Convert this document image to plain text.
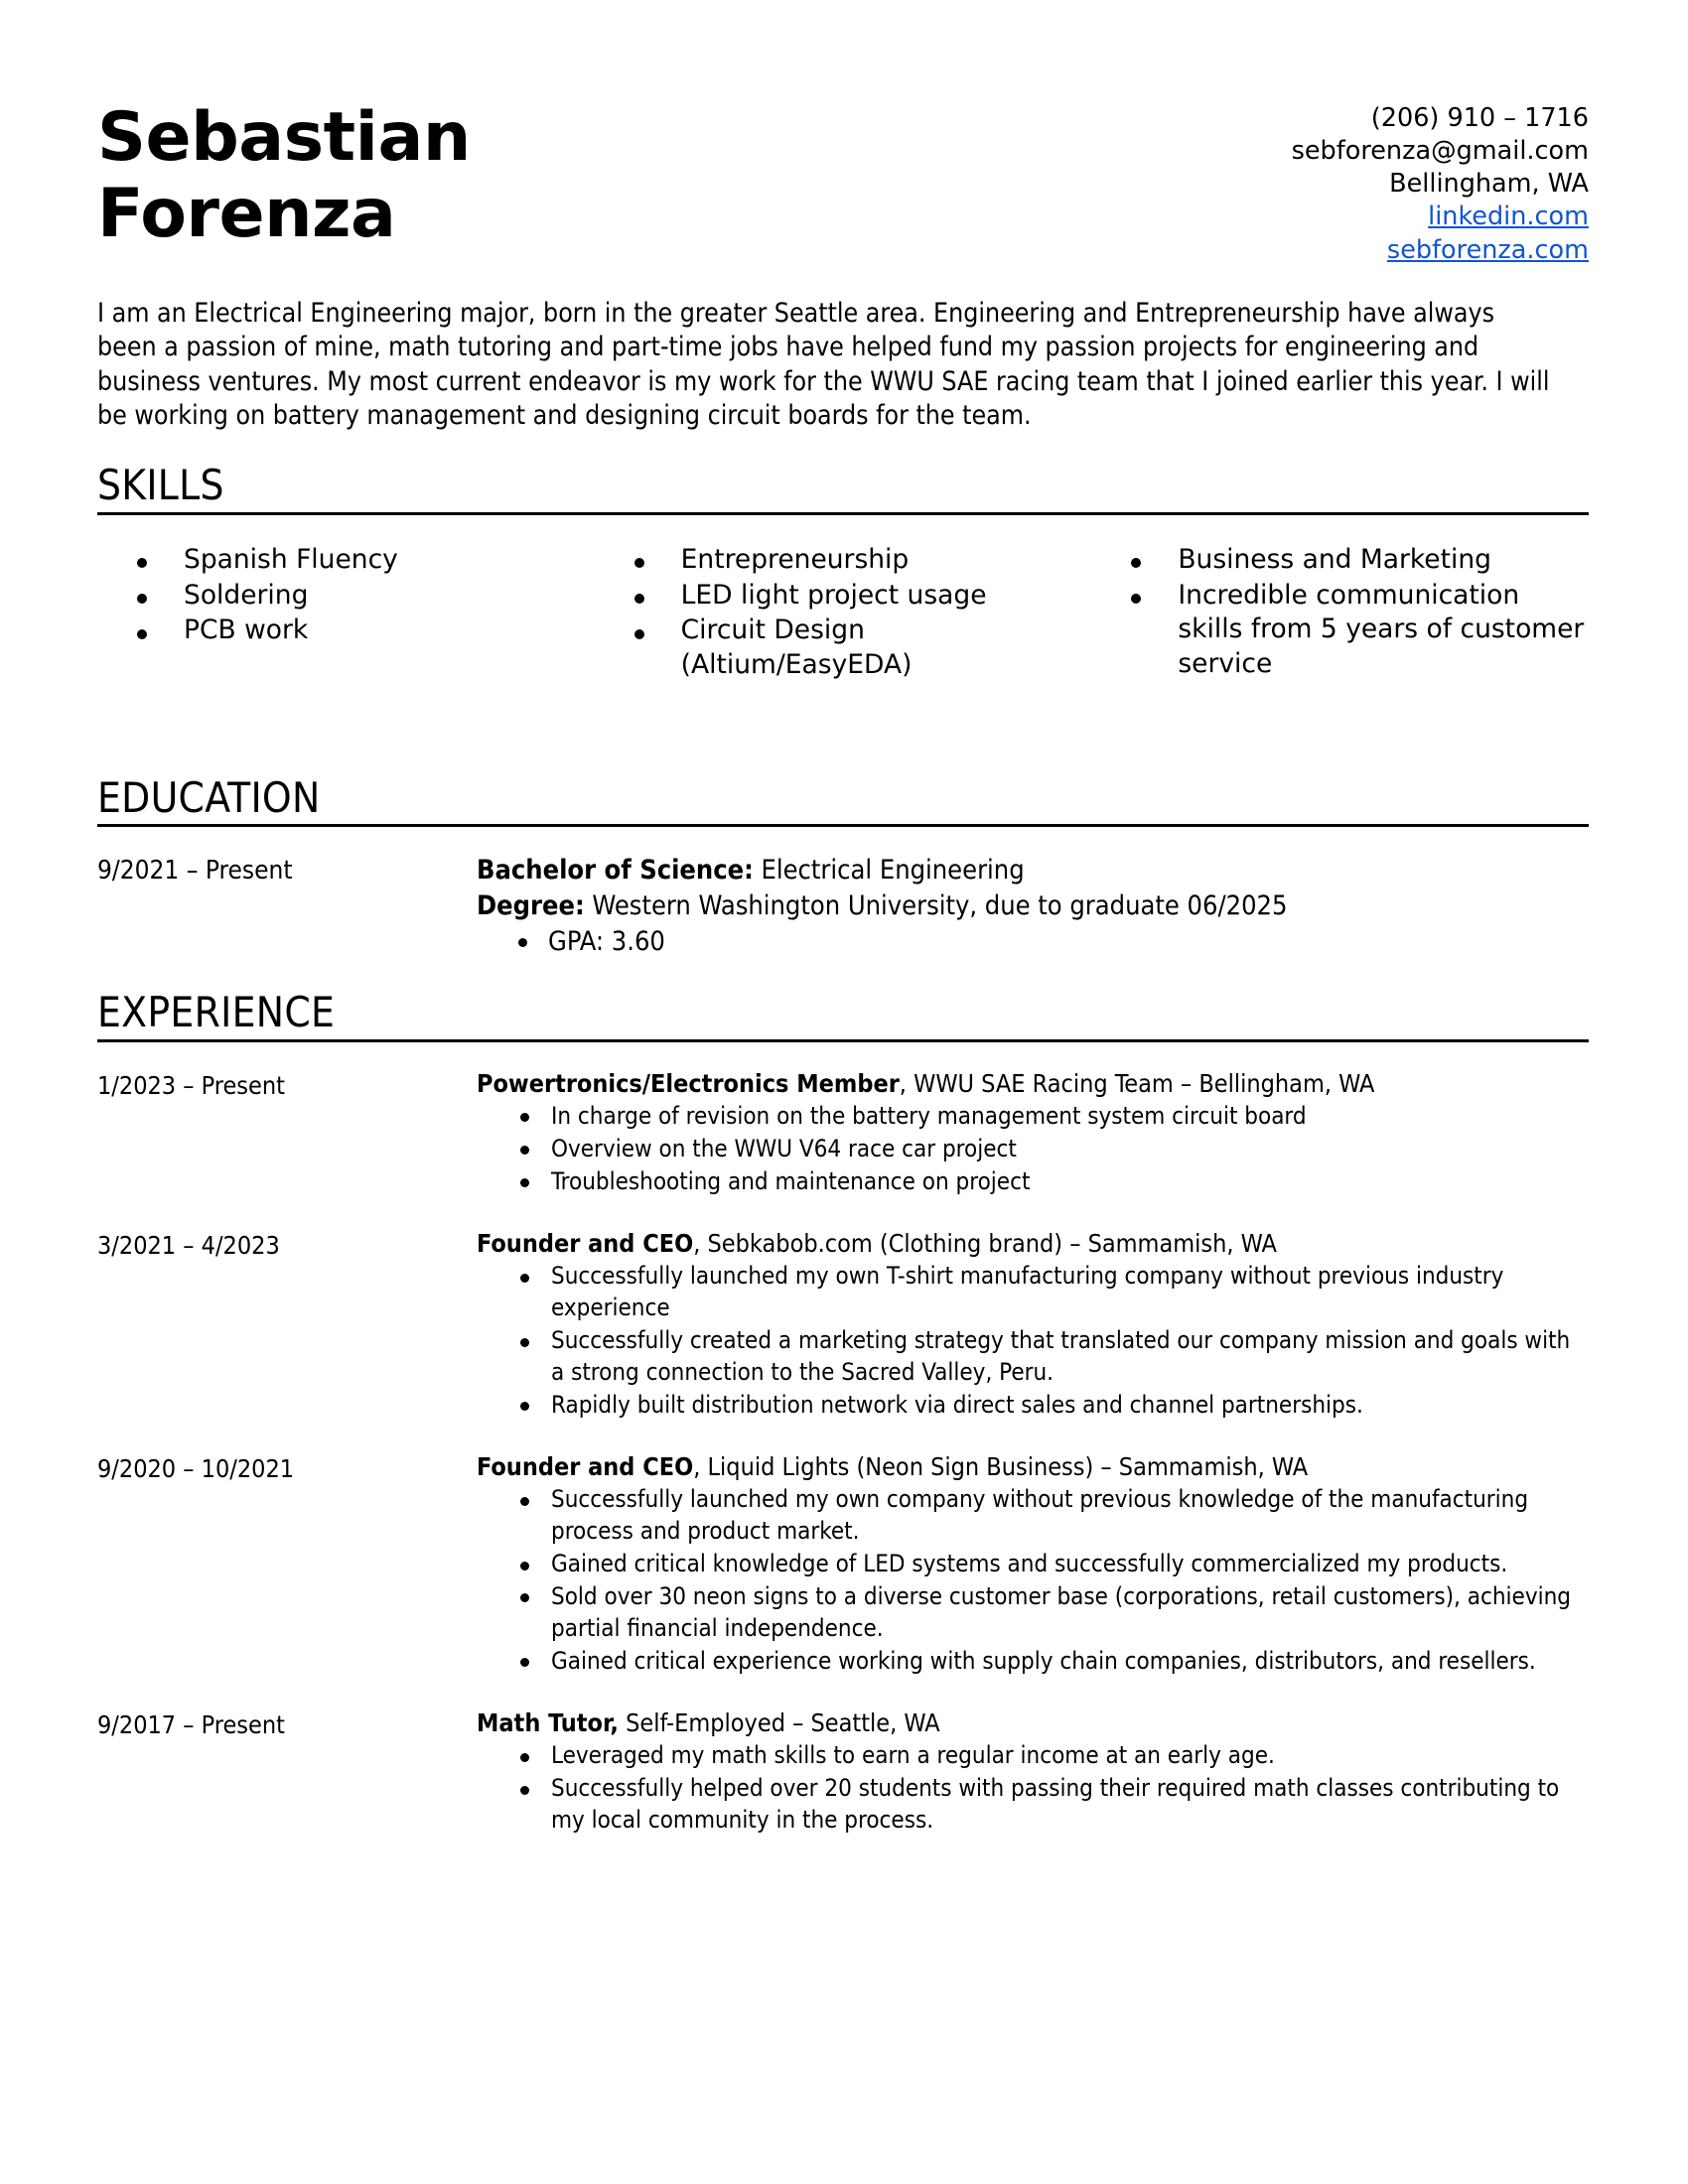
Sebastian
Forenza
(206) 910 – 1716
sebforenza@gmail.com
Bellingham, WA
linkedin.com
sebforenza.com

I am an Electrical Engineering major, born in the greater Seattle area. Engineering and Entrepreneurship have always been a passion of mine, math tutoring and part-time jobs have helped fund my passion projects for engineering and business ventures. My most current endeavor is my work for the WWU SAE racing team that I joined earlier this year. I will be working on battery management and designing circuit boards for the team.

SKILLS
Spanish Fluency
Soldering
PCB work
Entrepreneurship
LED light project usage
Circuit Design (Altium/EasyEDA)
Business and Marketing
Incredible communication skills from 5 years of customer service
EDUCATION
9/2021 – Present	Bachelor of Science: Electrical Engineering
Degree: Western Washington University, due to graduate 06/2025
GPA: 3.60
EXPERIENCE
1/2023 – Present	Powertronics/Electronics Member, WWU SAE Racing Team – Bellingham, WA
In charge of revision on the battery management system circuit board
Overview on the WWU V64 race car project
Troubleshooting and maintenance on project
3/2021 – 4/2023	Founder and CEO, Sebkabob.com (Clothing brand) – Sammamish, WA
Successfully launched my own T-shirt manufacturing company without previous industry experience
Successfully created a marketing strategy that translated our company mission and goals with a strong connection to the Sacred Valley, Peru.
Rapidly built distribution network via direct sales and channel partnerships.
9/2020 – 10/2021	Founder and CEO, Liquid Lights (Neon Sign Business) – Sammamish, WA
Successfully launched my own company without previous knowledge of the manufacturing process and product market.
Gained critical knowledge of LED systems and successfully commercialized my products.
Sold over 30 neon signs to a diverse customer base (corporations, retail customers), achieving partial financial independence.
Gained critical experience working with supply chain companies, distributors, and resellers.
9/2017 – Present	Math Tutor, Self-Employed – Seattle, WA
Leveraged my math skills to earn a regular income at an early age.
Successfully helped over 20 students with passing their required math classes contributing to my local community in the process.
